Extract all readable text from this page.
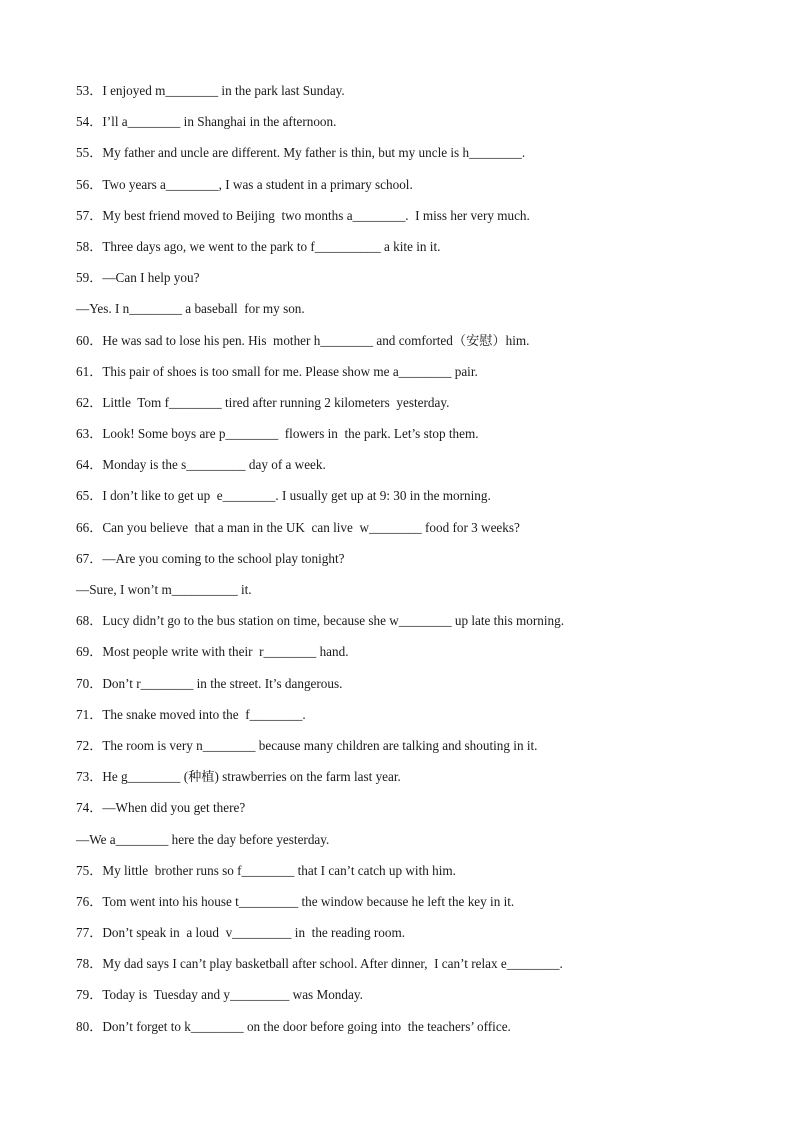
53．I enjoyed m________ in the park last Sunday.
54．I’ll a________ in Shanghai in the afternoon.
55．My father and uncle are different. My father is thin, but my uncle is h________.
56．Two years a________, I was a student in a primary school.
57．My best friend moved to Beijing  two months a________.  I miss her very much.
58．Three days ago, we went to the park to f__________ a kite in it.
59．—Can I help you?
—Yes. I n________ a baseball  for my son.
60．He was sad to lose his pen. His  mother h________ and comforted（安慰）him.
61．This pair of shoes is too small for me. Please show me a________ pair.
62．Little  Tom f________ tired after running 2 kilometers  yesterday.
63．Look! Some boys are p________  flowers in  the park. Let’s stop them.
64．Monday is the s_________ day of a week.
65．I don’t like to get up  e________. I usually get up at 9: 30 in the morning.
66．Can you believe  that a man in the UK  can live  w________ food for 3 weeks?
67．—Are you coming to the school play tonight?
—Sure, I won’t m__________ it.
68．Lucy didn’t go to the bus station on time, because she w________ up late this morning.
69．Most people write with their  r________ hand.
70．Don’t r________ in the street. It’s dangerous.
71．The snake moved into the  f________.
72．The room is very n________ because many children are talking and shouting in it.
73．He g________ (种植) strawberries on the farm last year.
74．—When did you get there?
—We a________ here the day before yesterday.
75．My little  brother runs so f________ that I can’t catch up with him.
76．Tom went into his house t_________ the window because he left the key in it.
77．Don’t speak in  a loud  v_________ in  the reading room.
78．My dad says I can’t play basketball after school. After dinner,  I can’t relax e________.
79．Today is  Tuesday and y_________ was Monday.
80．Don’t forget to k________ on the door before going into  the teachers’ office.
